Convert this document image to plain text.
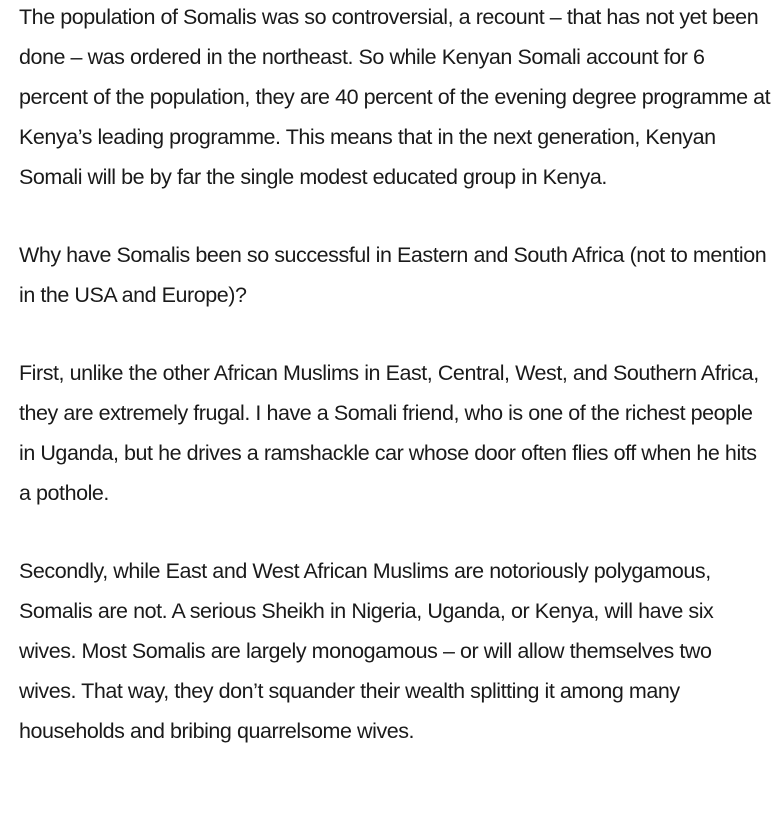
The population of Somalis was so controversial, a recount – that has not yet been done – was ordered in the northeast. So while Kenyan Somali account for 6 percent of the population, they are 40 percent of the evening degree programme at Kenya’s leading programme. This means that in the next generation, Kenyan Somali will be by far the single modest educated group in Kenya.

Why have Somalis been so successful in Eastern and South Africa (not to mention in the USA and Europe)?

First, unlike the other African Muslims in East, Central, West, and Southern Africa, they are extremely frugal. I have a Somali friend, who is one of the richest people in Uganda, but he drives a ramshackle car whose door often flies off when he hits a pothole.

Secondly, while East and West African Muslims are notoriously polygamous, Somalis are not. A serious Sheikh in Nigeria, Uganda, or Kenya, will have six wives. Most Somalis are largely monogamous – or will allow themselves two wives. That way, they don’t squander their wealth splitting it among many households and bribing quarrelsome wives.
